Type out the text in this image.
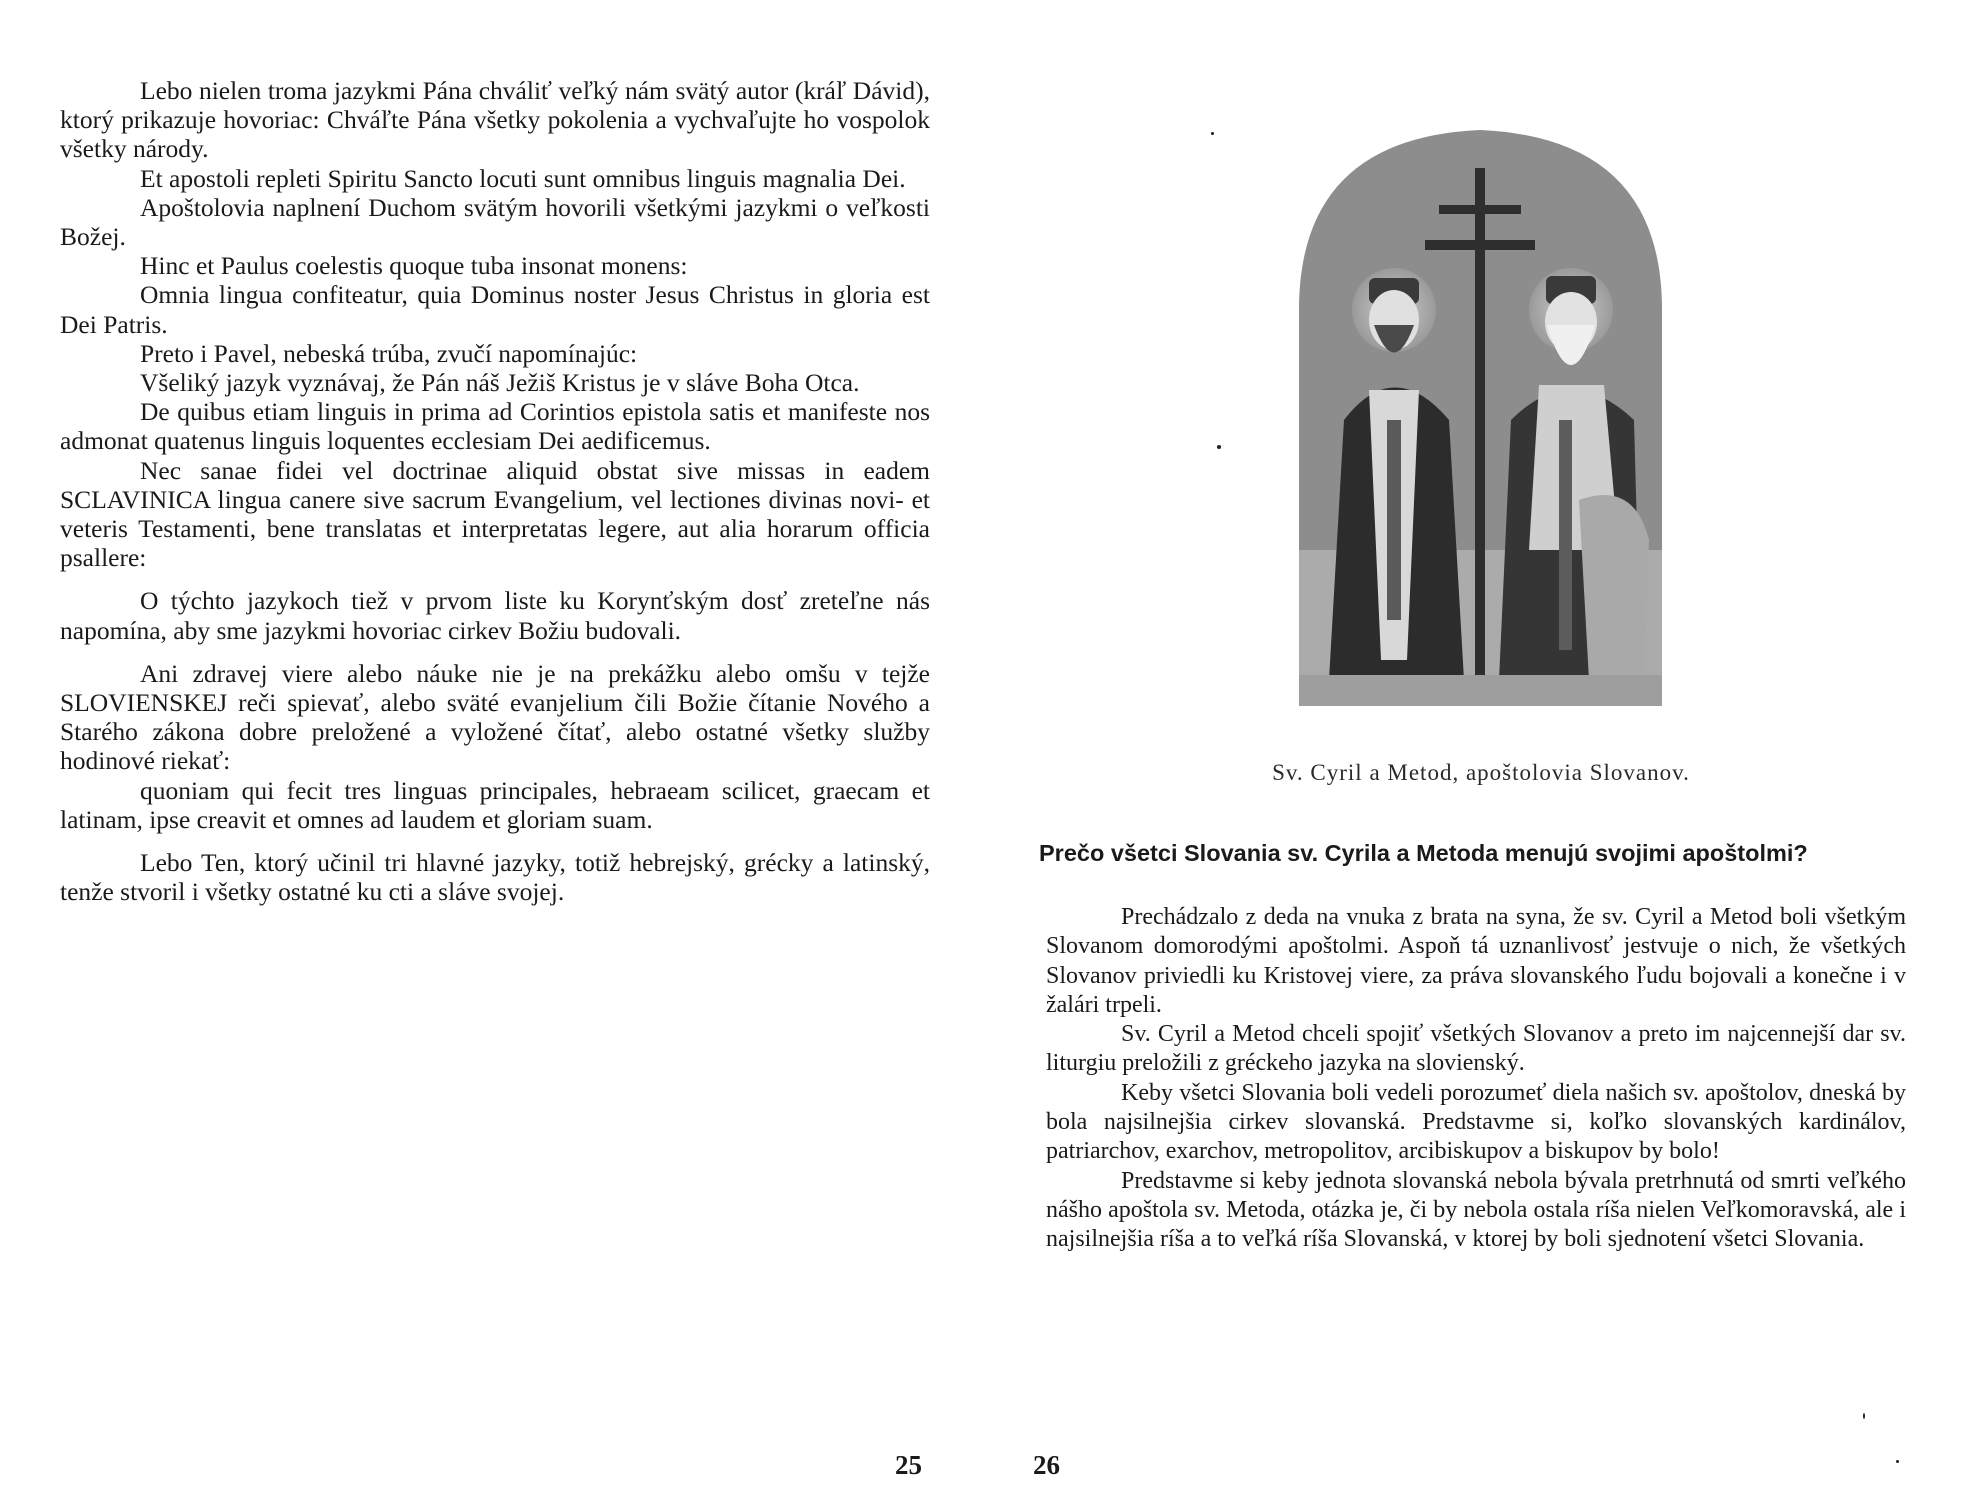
Lebo nielen troma jazykmi Pána chváliť veľký nám svätý autor (kráľ Dávid), ktorý prikazuje hovoriac: Chváľte Pána všetky pokolenia a vychvaľujte ho vospolok všetky národy.

Et apostoli repleti Spiritu Sancto locuti sunt omnibus linguis magnalia Dei.

Apoštolovia naplnení Duchom svätým hovorili všetkými jazykmi o veľkosti Božej.

Hinc et Paulus coelestis quoque tuba insonat monens:

Omnia lingua confiteatur, quia Dominus noster Jesus Christus in gloria est Dei Patris.

Preto i Pavel, nebeská trúba, zvučí napomínajúc:

Všeliký jazyk vyznávaj, že Pán náš Ježiš Kristus je v sláve Boha Otca.

De quibus etiam linguis in prima ad Corintios epistola satis et manifeste nos admonat quatenus linguis loquentes ecclesiam Dei aedificemus.

Nec sanae fidei vel doctrinae aliquid obstat sive missas in eadem SCLAVINICA lingua canere sive sacrum Evangelium, vel lectiones divinas novi- et veteris Testamenti, bene translatas et interpretatas legere, aut alia horarum officia psallere:

O týchto jazykoch tiež v prvom liste ku Korynťským dosť zreteľne nás napomína, aby sme jazykmi hovoriac cirkev Božiu budovali.

Ani zdravej viere alebo náuke nie je na prekážku alebo omšu v tejže SLOVIENSKEJ reči spievať, alebo sväté evanjelium čili Božie čítanie Nového a Starého zákona dobre preložené a vyložené čítať, alebo ostatné všetky služby hodinové riekať:

quoniam qui fecit tres linguas principales, hebraeam scilicet, graecam et latinam, ipse creavit et omnes ad laudem et gloriam suam.

Lebo Ten, ktorý učinil tri hlavné jazyky, totiž hebrejský, grécky a latinský, tenže stvoril i všetky ostatné ku cti a sláve svojej.

25
Sv. Cyril a Metod, apoštolovia Slovanov.
Prečo všetci Slovania sv. Cyrila a Metoda menujú svojimi apoštolmi?

Prechádzalo z deda na vnuka z brata na syna, že sv. Cyril a Metod boli všetkým Slovanom domorodými apoštolmi. Aspoň tá uznanlivosť jestvuje o nich, že všetkých Slovanov priviedli ku Kristovej viere, za práva slovanského ľudu bojovali a konečne i v žalári trpeli.

Sv. Cyril a Metod chceli spojiť všetkých Slovanov a preto im najcennejší dar sv. liturgiu preložili z gréckeho jazyka na slovienský.

Keby všetci Slovania boli vedeli porozumeť diela našich sv. apoštolov, dneská by bola najsilnejšia cirkev slovanská. Predstavme si, koľko slovanských kardinálov, patriarchov, exarchov, metropolitov, arcibiskupov a biskupov by bolo!

Predstavme si keby jednota slovanská nebola bývala pretrhnutá od smrti veľkého nášho apoštola sv. Metoda, otázka je, či by nebola ostala ríša nielen Veľkomoravská, ale i najsilnejšia ríša a to veľká ríša Slovanská, v ktorej by boli sjednotení všetci Slovania.

26
